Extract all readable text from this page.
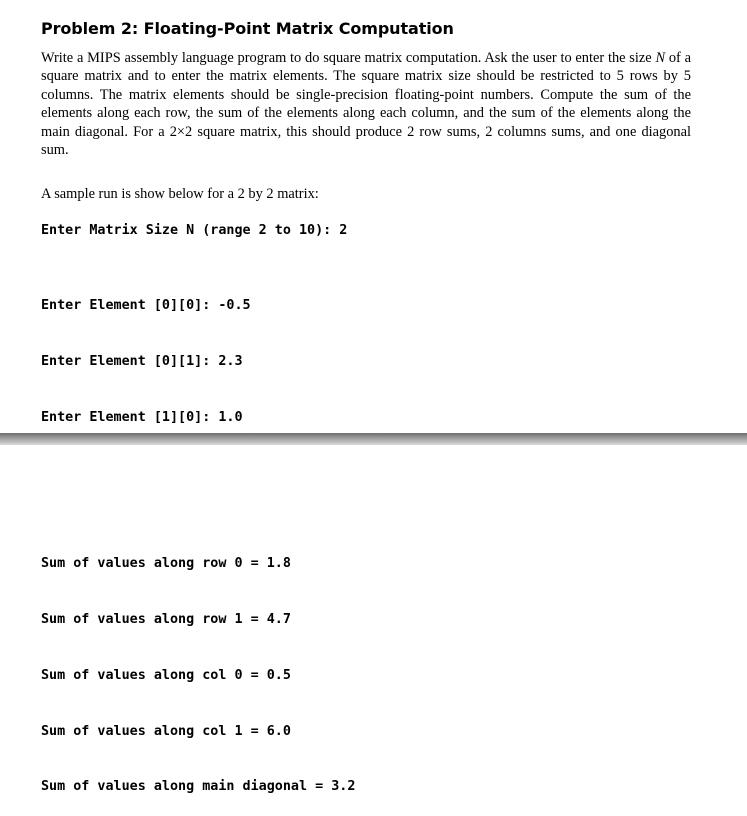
Problem 2: Floating-Point Matrix Computation
Write a MIPS assembly language program to do square matrix computation. Ask the user to enter the size N of a square matrix and to enter the matrix elements. The square matrix size should be restricted to 5 rows by 5 columns. The matrix elements should be single-precision floating-point numbers. Compute the sum of the elements along each row, the sum of the elements along each column, and the sum of the elements along the main diagonal. For a 2×2 square matrix, this should produce 2 row sums, 2 columns sums, and one diagonal sum.
A sample run is show below for a 2 by 2 matrix:
Enter Matrix Size N (range 2 to 10): 2

Enter Element [0][0]: -0.5

Enter Element [0][1]: 2.3

Enter Element [1][0]: 1.0

Sum of values along row 0 = 1.8

Sum of values along row 1 = 4.7

Sum of values along col 0 = 0.5

Sum of values along col 1 = 6.0

Sum of values along main diagonal = 3.2
